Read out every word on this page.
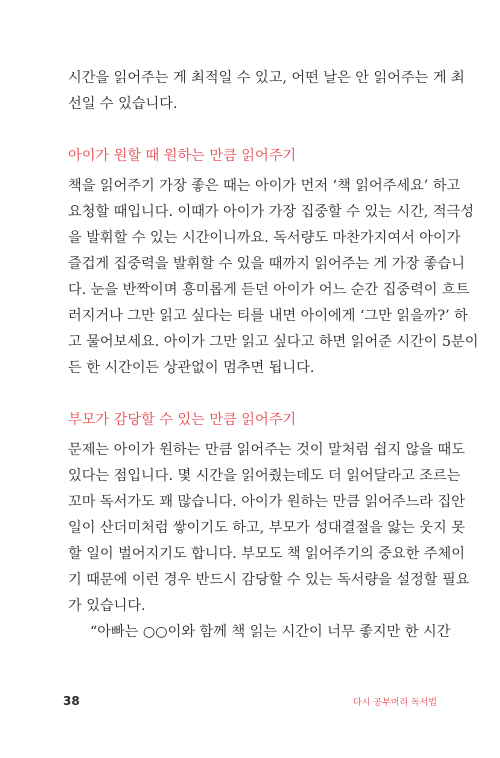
시간을 읽어주는 게 최적일 수 있고, 어떤 날은 안 읽어주는 게 최
선일 수 있습니다.

아이가 원할 때 원하는 만큼 읽어주기

책을 읽어주기 가장 좋은 때는 아이가 먼저 ‘책 읽어주세요’ 하고
요청할 때입니다. 이때가 아이가 가장 집중할 수 있는 시간, 적극성
을 발휘할 수 있는 시간이니까요. 독서량도 마찬가지여서 아이가
즐겁게 집중력을 발휘할 수 있을 때까지 읽어주는 게 가장 좋습니
다. 눈을 반짝이며 흥미롭게 듣던 아이가 어느 순간 집중력이 흐트
러지거나 그만 읽고 싶다는 티를 내면 아이에게 ‘그만 읽을까?’ 하
고 물어보세요. 아이가 그만 읽고 싶다고 하면 읽어준 시간이 5분이
든 한 시간이든 상관없이 멈추면 됩니다.

부모가 감당할 수 있는 만큼 읽어주기

문제는 아이가 원하는 만큼 읽어주는 것이 말처럼 쉽지 않을 때도
있다는 점입니다. 몇 시간을 읽어줬는데도 더 읽어달라고 조르는
꼬마 독서가도 꽤 많습니다. 아이가 원하는 만큼 읽어주느라 집안
일이 산더미처럼 쌓이기도 하고, 부모가 성대결절을 앓는 웃지 못
할 일이 벌어지기도 합니다. 부모도 책 읽어주기의 중요한 주체이
기 때문에 이런 경우 반드시 감당할 수 있는 독서량을 설정할 필요
가 있습니다.

“아빠는 ○○이와 함께 책 읽는 시간이 너무 좋지만 한 시간

38	다시 공부머리 독서법
